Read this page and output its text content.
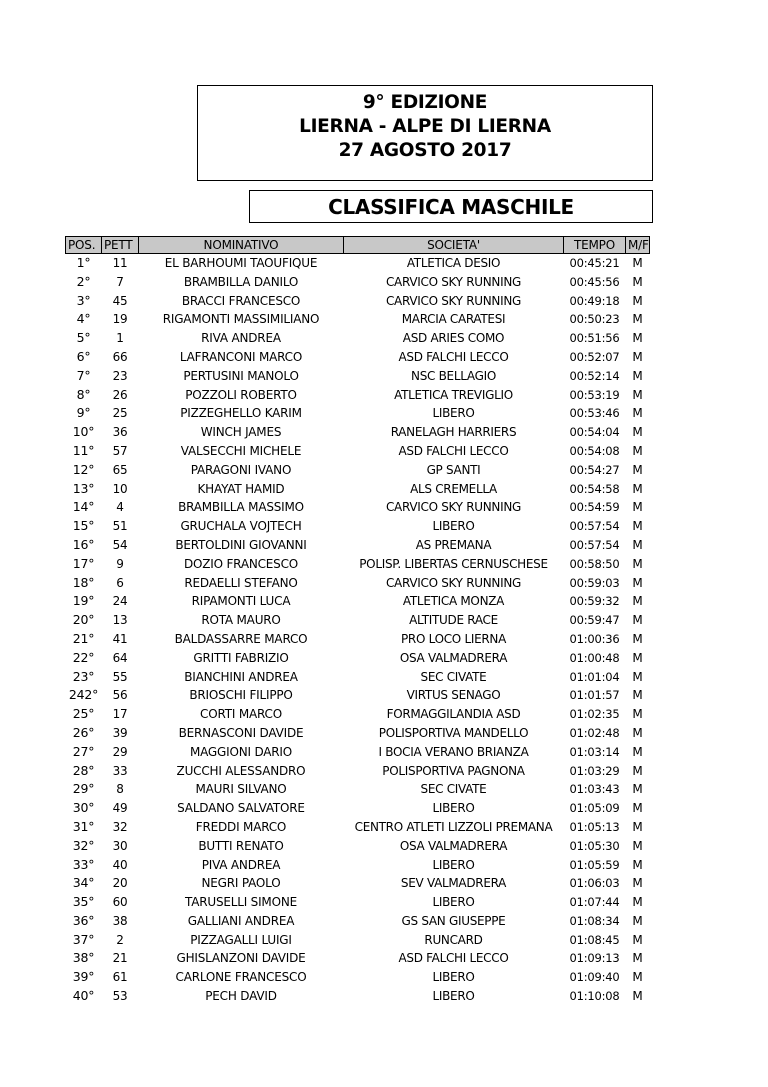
9° EDIZIONE
LIERNA - ALPE DI LIERNA
27 AGOSTO 2017
CLASSIFICA MASCHILE
POS.	PETT	NOMINATIVO	SOCIETA'	TEMPO	M/F
1°	11	EL BARHOUMI TAOUFIQUE	ATLETICA DESIO	00:45:21	M
2°	7	BRAMBILLA DANILO	CARVICO SKY RUNNING	00:45:56	M
3°	45	BRACCI FRANCESCO	CARVICO SKY RUNNING	00:49:18	M
4°	19	RIGAMONTI MASSIMILIANO	MARCIA CARATESI	00:50:23	M
5°	1	RIVA ANDREA	ASD ARIES COMO	00:51:56	M
6°	66	LAFRANCONI MARCO	ASD FALCHI LECCO	00:52:07	M
7°	23	PERTUSINI MANOLO	NSC BELLAGIO	00:52:14	M
8°	26	POZZOLI ROBERTO	ATLETICA TREVIGLIO	00:53:19	M
9°	25	PIZZEGHELLO KARIM	LIBERO	00:53:46	M
10°	36	WINCH JAMES	RANELAGH HARRIERS	00:54:04	M
11°	57	VALSECCHI MICHELE	ASD FALCHI LECCO	00:54:08	M
12°	65	PARAGONI IVANO	GP SANTI	00:54:27	M
13°	10	KHAYAT HAMID	ALS CREMELLA	00:54:58	M
14°	4	BRAMBILLA MASSIMO	CARVICO SKY RUNNING	00:54:59	M
15°	51	GRUCHALA VOJTECH	LIBERO	00:57:54	M
16°	54	BERTOLDINI GIOVANNI	AS PREMANA	00:57:54	M
17°	9	DOZIO FRANCESCO	POLISP. LIBERTAS CERNUSCHESE	00:58:50	M
18°	6	REDAELLI STEFANO	CARVICO SKY RUNNING	00:59:03	M
19°	24	RIPAMONTI LUCA	ATLETICA MONZA	00:59:32	M
20°	13	ROTA MAURO	ALTITUDE RACE	00:59:47	M
21°	41	BALDASSARRE MARCO	PRO LOCO LIERNA	01:00:36	M
22°	64	GRITTI FABRIZIO	OSA VALMADRERA	01:00:48	M
23°	55	BIANCHINI ANDREA	SEC CIVATE	01:01:04	M
242°	56	BRIOSCHI FILIPPO	VIRTUS SENAGO	01:01:57	M
25°	17	CORTI MARCO	FORMAGGILANDIA ASD	01:02:35	M
26°	39	BERNASCONI DAVIDE	POLISPORTIVA MANDELLO	01:02:48	M
27°	29	MAGGIONI DARIO	I BOCIA VERANO BRIANZA	01:03:14	M
28°	33	ZUCCHI ALESSANDRO	POLISPORTIVA PAGNONA	01:03:29	M
29°	8	MAURI SILVANO	SEC CIVATE	01:03:43	M
30°	49	SALDANO SALVATORE	LIBERO	01:05:09	M
31°	32	FREDDI MARCO	CENTRO ATLETI LIZZOLI PREMANA	01:05:13	M
32°	30	BUTTI RENATO	OSA VALMADRERA	01:05:30	M
33°	40	PIVA ANDREA	LIBERO	01:05:59	M
34°	20	NEGRI PAOLO	SEV VALMADRERA	01:06:03	M
35°	60	TARUSELLI SIMONE	LIBERO	01:07:44	M
36°	38	GALLIANI ANDREA	GS SAN GIUSEPPE	01:08:34	M
37°	2	PIZZAGALLI LUIGI	RUNCARD	01:08:45	M
38°	21	GHISLANZONI DAVIDE	ASD FALCHI LECCO	01:09:13	M
39°	61	CARLONE FRANCESCO	LIBERO	01:09:40	M
40°	53	PECH DAVID	LIBERO	01:10:08	M
